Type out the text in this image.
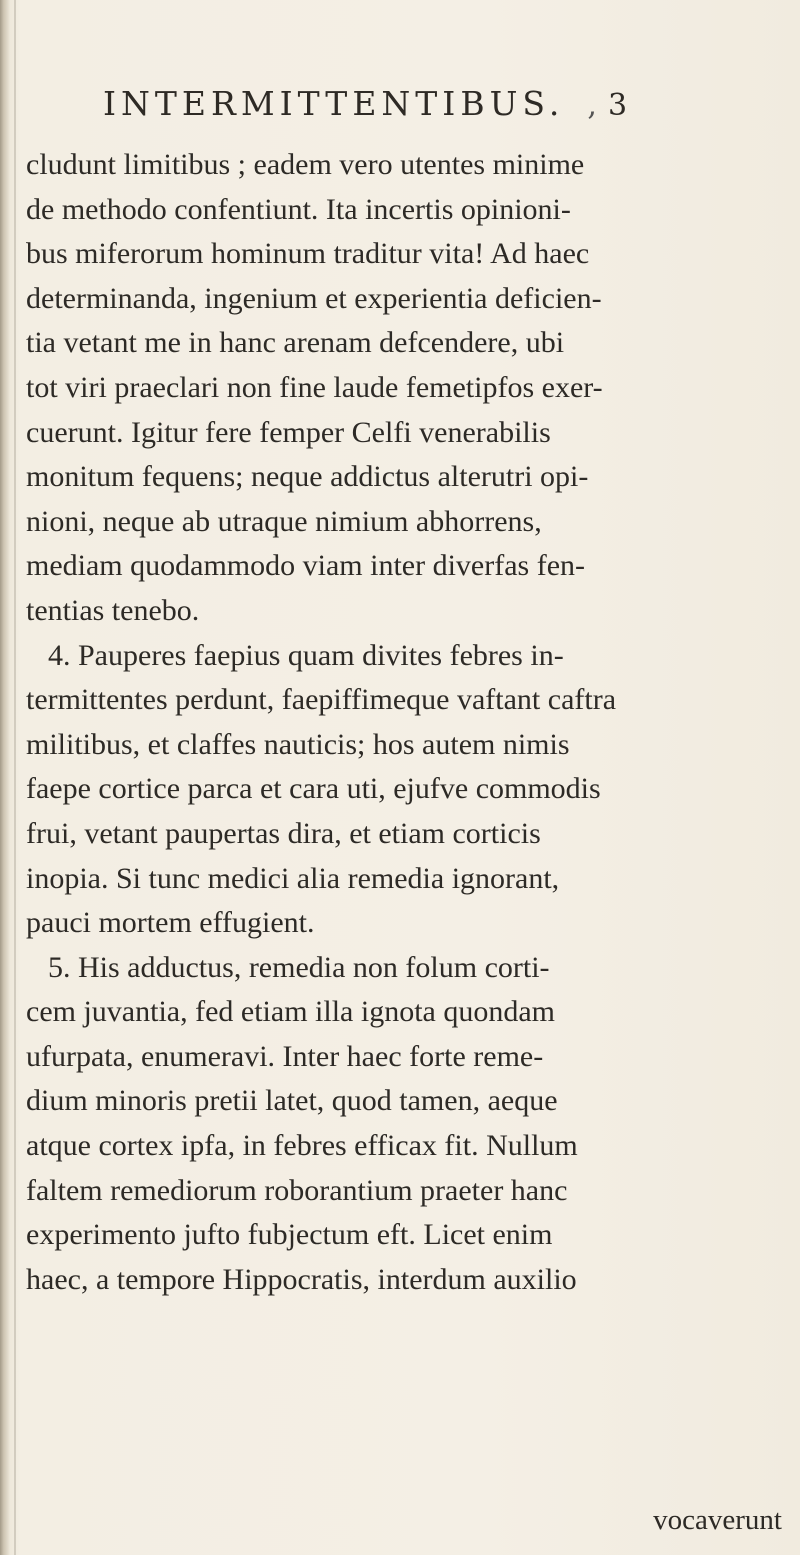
INTERMITTENTIBUS. , 3
cludunt limitibus ; eadem vero utentes minime
de methodo confentiunt. Ita incertis opinioni-
bus miferorum hominum traditur vita! Ad haec
determinanda, ingenium et experientia deficien-
tia vetant me in hanc arenam defcendere, ubi
tot viri praeclari non fine laude femetipfos exer-
cuerunt. Igitur fere femper Celfi venerabilis
monitum fequens; neque addictus alterutri opi-
nioni, neque ab utraque nimium abhorrens,
mediam quodammodo viam inter diverfas fen-
tentias tenebo.
4. Pauperes faepius quam divites febres in-
termittentes perdunt, faepiffimeque vaftant caftra
militibus, et claffes nauticis; hos autem nimis
faepe cortice parca et cara uti, ejufve commodis
frui, vetant paupertas dira, et etiam corticis
inopia. Si tunc medici alia remedia ignorant,
pauci mortem effugient.
5. His adductus, remedia non folum corti-
cem juvantia, fed etiam illa ignota quondam
ufurpata, enumeravi. Inter haec forte reme-
dium minoris pretii latet, quod tamen, aeque
atque cortex ipfa, in febres efficax fit. Nullum
faltem remediorum roborantium praeter hanc
experimento jufto fubjectum eft. Licet enim
haec, a tempore Hippocratis, interdum auxilio
vocaverunt
